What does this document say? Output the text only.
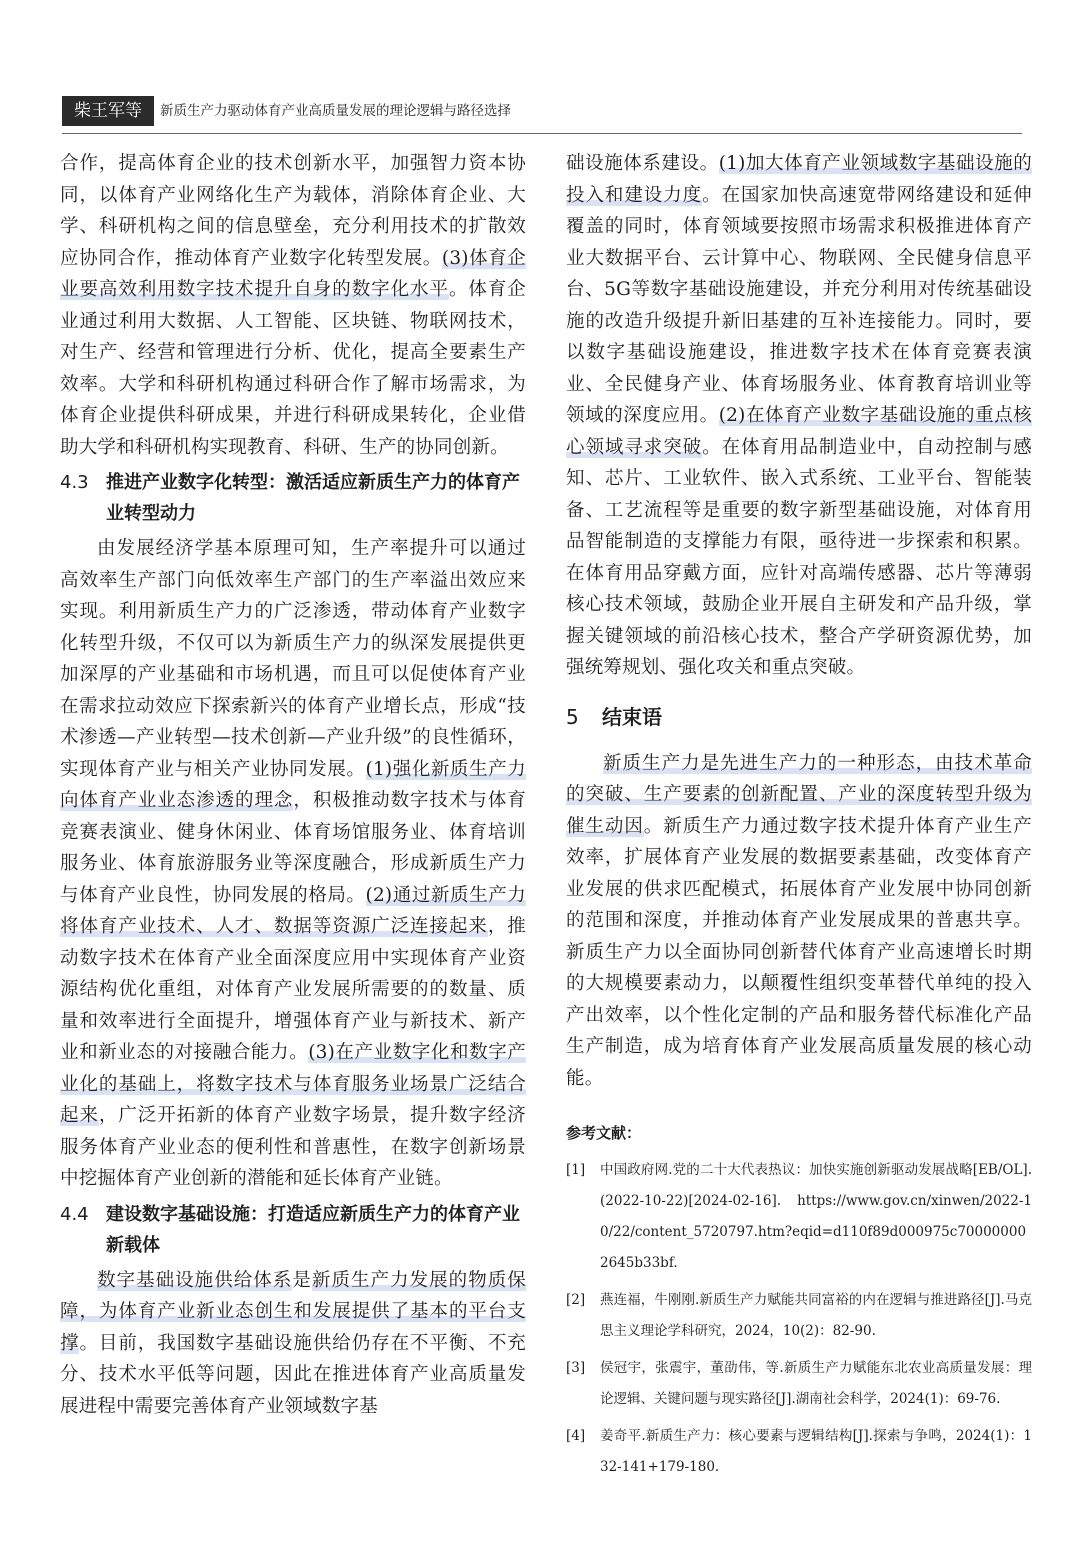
柴王军等	新质生产力驱动体育产业高质量发展的理论逻辑与路径选择

合作，提高体育企业的技术创新水平，加强智力资本协同，以体育产业网络化生产为载体，消除体育企业、大学、科研机构之间的信息壁垒，充分利用技术的扩散效应协同合作，推动体育产业数字化转型发展。(3)体育企业要高效利用数字技术提升自身的数字化水平。体育企业通过利用大数据、人工智能、区块链、物联网技术，对生产、经营和管理进行分析、优化，提高全要素生产效率。大学和科研机构通过科研合作了解市场需求，为体育企业提供科研成果，并进行科研成果转化，企业借助大学和科研机构实现教育、科研、生产的协同创新。

4.3 推进产业数字化转型：激活适应新质生产力的体育产业转型动力

由发展经济学基本原理可知，生产率提升可以通过高效率生产部门向低效率生产部门的生产率溢出效应来实现。利用新质生产力的广泛渗透，带动体育产业数字化转型升级，不仅可以为新质生产力的纵深发展提供更加深厚的产业基础和市场机遇，而且可以促使体育产业在需求拉动效应下探索新兴的体育产业增长点，形成“技术渗透—产业转型—技术创新—产业升级”的良性循环，实现体育产业与相关产业协同发展。(1)强化新质生产力向体育产业业态渗透的理念，积极推动数字技术与体育竞赛表演业、健身休闲业、体育场馆服务业、体育培训服务业、体育旅游服务业等深度融合，形成新质生产力与体育产业良性，协同发展的格局。(2)通过新质生产力将体育产业技术、人才、数据等资源广泛连接起来，推动数字技术在体育产业全面深度应用中实现体育产业资源结构优化重组，对体育产业发展所需要的的数量、质量和效率进行全面提升，增强体育产业与新技术、新产业和新业态的对接融合能力。(3)在产业数字化和数字产业化的基础上，将数字技术与体育服务业场景广泛结合起来，广泛开拓新的体育产业数字场景，提升数字经济服务体育产业业态的便利性和普惠性，在数字创新场景中挖掘体育产业创新的潜能和延长体育产业链。

4.4 建设数字基础设施：打造适应新质生产力的体育产业新载体

数字基础设施供给体系是新质生产力发展的物质保障，为体育产业新业态创生和发展提供了基本的平台支撑。目前，我国数字基础设施供给仍存在不平衡、不充分、技术水平低等问题，因此在推进体育产业高质量发展进程中需要完善体育产业领域数字基

础设施体系建设。(1)加大体育产业领域数字基础设施的投入和建设力度。在国家加快高速宽带网络建设和延伸覆盖的同时，体育领域要按照市场需求积极推进体育产业大数据平台、云计算中心、物联网、全民健身信息平台、5G等数字基础设施建设，并充分利用对传统基础设施的改造升级提升新旧基建的互补连接能力。同时，要以数字基础设施建设，推进数字技术在体育竞赛表演业、全民健身产业、体育场服务业、体育教育培训业等领域的深度应用。(2)在体育产业数字基础设施的重点核心领域寻求突破。在体育用品制造业中，自动控制与感知、芯片、工业软件、嵌入式系统、工业平台、智能装备、工艺流程等是重要的数字新型基础设施，对体育用品智能制造的支撑能力有限，亟待进一步探索和积累。在体育用品穿戴方面，应针对高端传感器、芯片等薄弱核心技术领域，鼓励企业开展自主研发和产品升级，掌握关键领域的前沿核心技术，整合产学研资源优势，加强统筹规划、强化攻关和重点突破。

5	结束语

新质生产力是先进生产力的一种形态，由技术革命的突破、生产要素的创新配置、产业的深度转型升级为催生动因。新质生产力通过数字技术提升体育产业生产效率，扩展体育产业发展的数据要素基础，改变体育产业发展的供求匹配模式，拓展体育产业发展中协同创新的范围和深度，并推动体育产业发展成果的普惠共享。新质生产力以全面协同创新替代体育产业高速增长时期的大规模要素动力，以颠覆性组织变革替代单纯的投入产出效率，以个性化定制的产品和服务替代标准化产品生产制造，成为培育体育产业发展高质量发展的核心动能。

参考文献：
[1]	中国政府网.党的二十大代表热议：加快实施创新驱动发展战略[EB/OL].(2022-10-22)[2024-02-16]. https://www.gov.cn/xinwen/2022-10/22/content_5720797.htm?eqid=d110f89d000975c700000002645b33bf.
[2]	燕连福，牛刚刚.新质生产力赋能共同富裕的内在逻辑与推进路径[J].马克思主义理论学科研究，2024，10(2)：82-90.
[3]	侯冠宇，张震宇，董劭伟，等.新质生产力赋能东北农业高质量发展：理论逻辑、关键问题与现实路径[J].湖南社会科学，2024(1)：69-76.
[4]	姜奇平.新质生产力：核心要素与逻辑结构[J].探索与争鸣，2024(1)：132-141+179-180.
